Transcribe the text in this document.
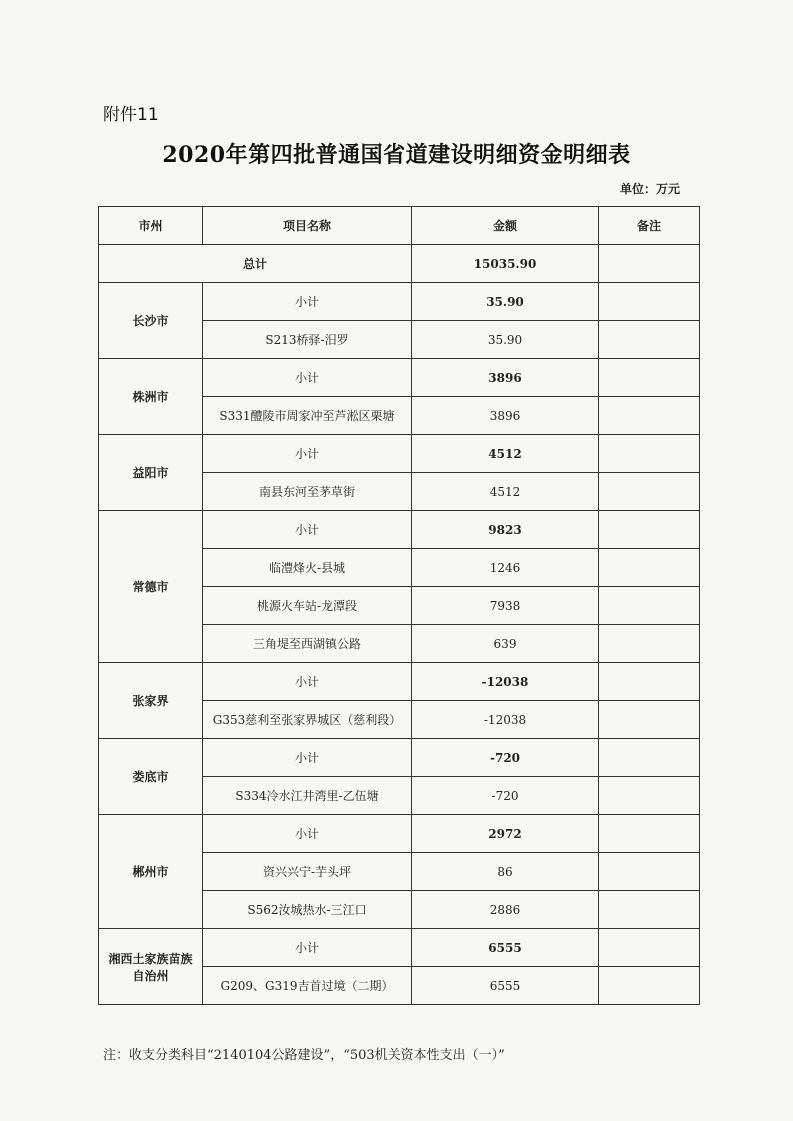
附件11
2020年第四批普通国省道建设明细资金明细表
单位：万元
市州	项目名称	金额	备注
总计		15035.90	
长沙市	小计	35.90	
	S213桥驿-汨罗	35.90	
株洲市	小计	3896	
	S331醴陵市周家冲至芦淞区栗塘	3896	
益阳市	小计	4512	
	南县东河至茅草街	4512	
常德市	小计	9823	
	临澧烽火-县城	1246	
	桃源火车站-龙潭段	7938	
	三角堤至西湖镇公路	639	
张家界	小计	-12038	
	G353慈利至张家界城区（慈利段）	-12038	
娄底市	小计	-720	
	S334冷水江井湾里-乙伍塘	-720	
郴州市	小计	2972	
	资兴兴宁-芋头坪	86	
	S562汝城热水-三江口	2886	
湘西土家族苗族自治州	小计	6555	
	G209、G319吉首过境（二期）	6555	
注：收支分类科目“2140104公路建设”，“503机关资本性支出（一）”
